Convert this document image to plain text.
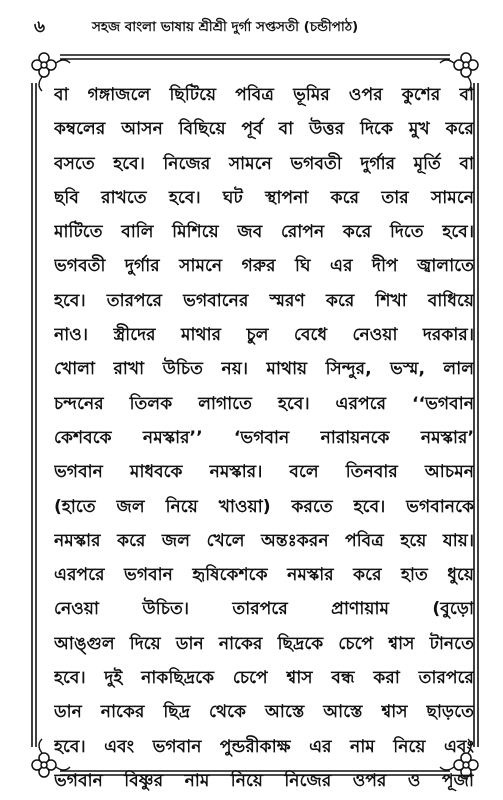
৬	সহজ বাংলা ভাষায় শ্রীশ্রী দুর্গা সপ্তসতী (চন্ডীপাঠ)
বা গঙ্গাজলে ছিটিয়ে পবিত্র ভূমির ওপর কুশের বা
কম্বলের আসন বিছিয়ে পূর্ব বা উত্তর দিকে মুখ করে
বসতে হবে। নিজের সামনে ভগবতী দুর্গার মূর্তি বা
ছবি রাখতে হবে। ঘট স্থাপনা করে তার সামনে
মাটিতে বালি মিশিয়ে জব রোপন করে দিতে হবে।
ভগবতী দুর্গার সামনে গরুর ঘি এর দীপ জ্বালাতে
হবে। তারপরে ভগবানের স্মরণ করে শিখা বাধিয়ে
নাও। স্ত্রীদের মাথার চুল বেধে নেওয়া দরকার।
খোলা রাখা উচিত নয়। মাথায় সিন্দুর, ভস্ম, লাল
চন্দনের তিলক লাগাতে হবে। এরপরে ‘‘ভগবান
কেশবকে নমস্কার’’ ‘ভগবান নারায়নকে নমস্কার’
ভগবান মাধবকে নমস্কার। বলে তিনবার আচমন
(হাতে জল নিয়ে খাওয়া) করতে হবে। ভগবানকে
নমস্কার করে জল খেলে অন্তঃকরন পবিত্র হয়ে যায়।
এরপরে ভগবান হৃষিকেশকে নমস্কার করে হাত ধুয়ে
নেওয়া উচিত। তারপরে প্রাণায়াম (বুড়ো
আঙ্গুল দিয়ে ডান নাকের ছিদ্রকে চেপে শ্বাস টানতে
হবে। দুই নাকছিদ্রকে চেপে শ্বাস বন্ধ করা তারপরে
ডান নাকের ছিদ্র থেকে আস্তে আস্তে শ্বাস ছাড়তে
হবে। এবং ভগবান পুন্ডরীকাক্ষ এর নাম নিয়ে এবং
ভগবান বিষ্ণুর নাম নিয়ে নিজের ওপর ও পূজা
